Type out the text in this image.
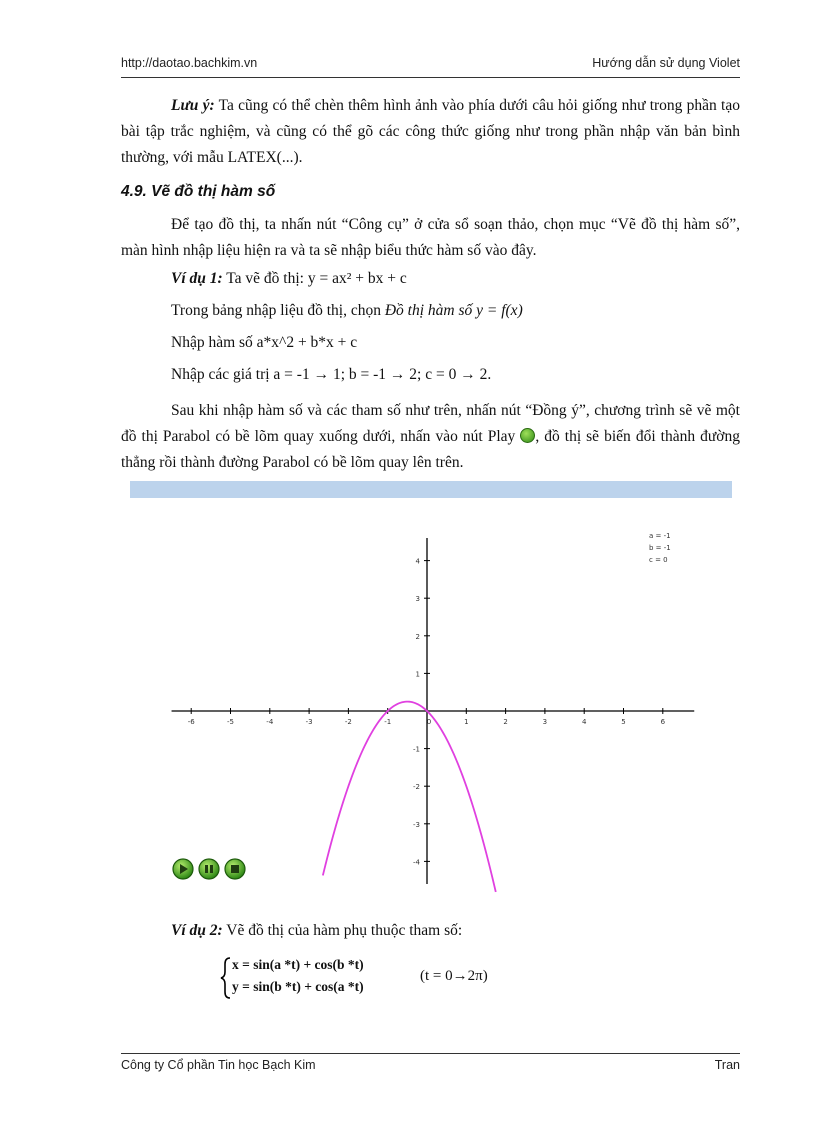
http://daotao.bachkim.vn	Hướng dẫn sử dụng Violet

Lưu ý: Ta cũng có thể chèn thêm hình ảnh vào phía dưới câu hỏi giống như trong phần tạo bài tập trắc nghiệm, và cũng có thể gõ các công thức giống như trong phần nhập văn bản bình thường, với mẫu LATEX(...).

4.9. Vẽ đồ thị hàm số

Để tạo đồ thị, ta nhấn nút “Công cụ” ở cửa sổ soạn thảo, chọn mục “Vẽ đồ thị hàm số”, màn hình nhập liệu hiện ra và ta sẽ nhập biểu thức hàm số vào đây.

Ví dụ 1: Ta vẽ đồ thị: y = ax² + bx + c
Trong bảng nhập liệu đồ thị, chọn Đồ thị hàm số y = f(x)
Nhập hàm số a*x^2 + b*x + c
Nhập các giá trị a = -1 → 1; b = -1 → 2; c = 0 → 2.

Sau khi nhập hàm số và các tham số như trên, nhấn nút “Đồng ý”, chương trình sẽ vẽ một đồ thị Parabol có bề lõm quay xuống dưới, nhấn vào nút Play , đồ thị sẽ biến đổi thành đường thẳng rồi thành đường Parabol có bề lõm quay lên trên.

-6	-5	-4	-3	-2	-1	0	1	2	3	4	5	6
-4
-3
-2
-1
1
2
3
4
a = -1
b = -1
c = 0
Ví dụ 2: Vẽ đồ thị của hàm phụ thuộc tham số:
x = sin(a *t) + cos(b *t)
y = sin(b *t) + cos(a *t)
(t = 0→2π)
Công ty Cổ phần Tin học Bạch Kim	Tran
